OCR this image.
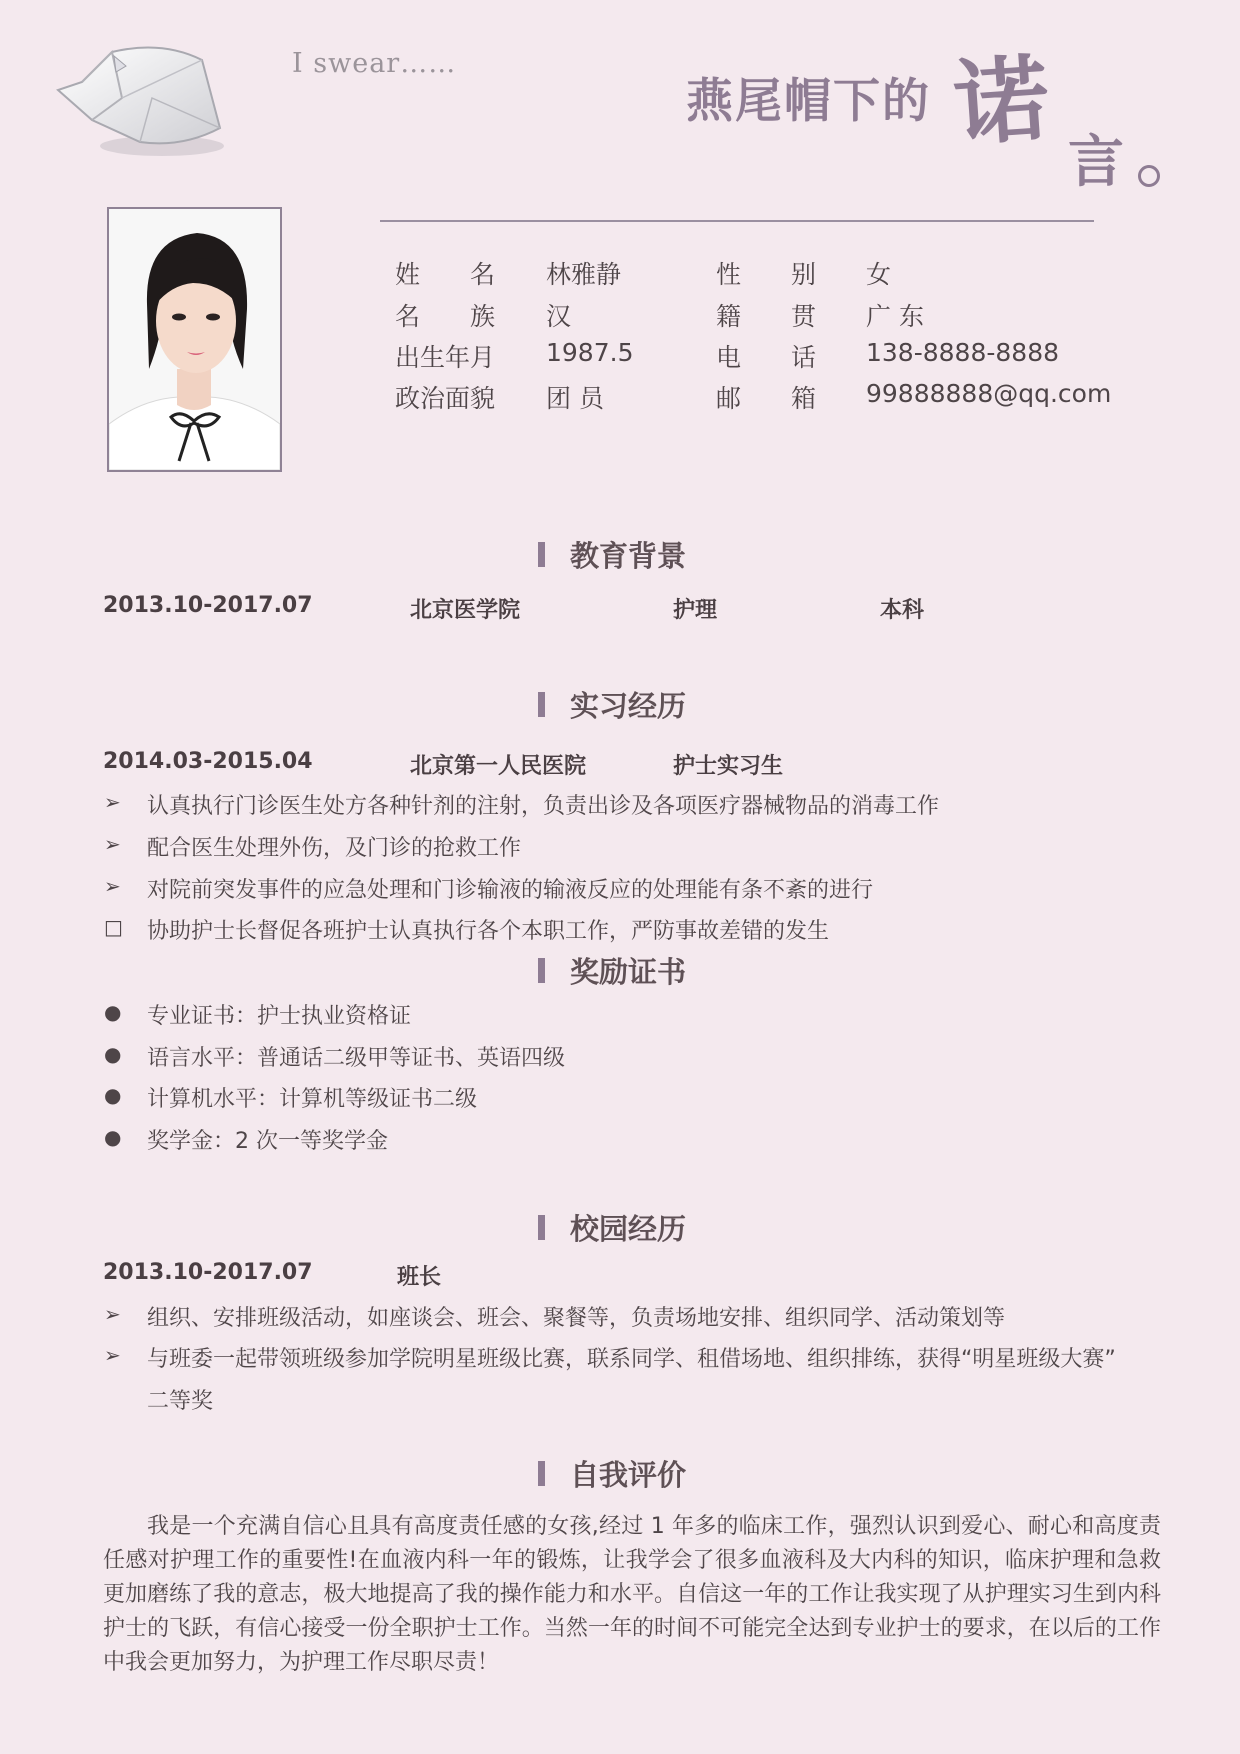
I swear……
燕尾帽下的 诺
言
姓　　名 林雅静	性　　别 女
名　　族 汉	籍　　贯 广 东
出生年月 1987.5	电　　话 138-8888-8888
政治面貌 团 员	邮　　箱 99888888@qq.com
教育背景
2013.10-2017.07	北京医学院	护理	本科
实习经历
2014.03-2015.04	北京第一人民医院	护士实习生
➢ 认真执行门诊医生处方各种针剂的注射，负责出诊及各项医疗器械物品的消毒工作
➢ 配合医生处理外伤，及门诊的抢救工作
➢ 对院前突发事件的应急处理和门诊输液的输液反应的处理能有条不紊的进行
□ 协助护士长督促各班护士认真执行各个本职工作，严防事故差错的发生
奖励证书
● 专业证书：护士执业资格证
● 语言水平：普通话二级甲等证书、英语四级
● 计算机水平：计算机等级证书二级
● 奖学金：2 次一等奖学金
校园经历
2013.10-2017.07	班长
➢ 组织、安排班级活动，如座谈会、班会、聚餐等，负责场地安排、组织同学、活动策划等
➢ 与班委一起带领班级参加学院明星班级比赛，联系同学、租借场地、组织排练，获得“明星班级大赛”
二等奖
自我评价
我是一个充满自信心且具有高度责任感的女孩,经过 1 年多的临床工作，强烈认识到爱心、耐心和高度责任感对护理工作的重要性!在血液内科一年的锻炼，让我学会了很多血液科及大内科的知识，临床护理和急救更加磨练了我的意志，极大地提高了我的操作能力和水平。自信这一年的工作让我实现了从护理实习生到内科护士的飞跃，有信心接受一份全职护士工作。当然一年的时间不可能完全达到专业护士的要求，在以后的工作中我会更加努力，为护理工作尽职尽责！
